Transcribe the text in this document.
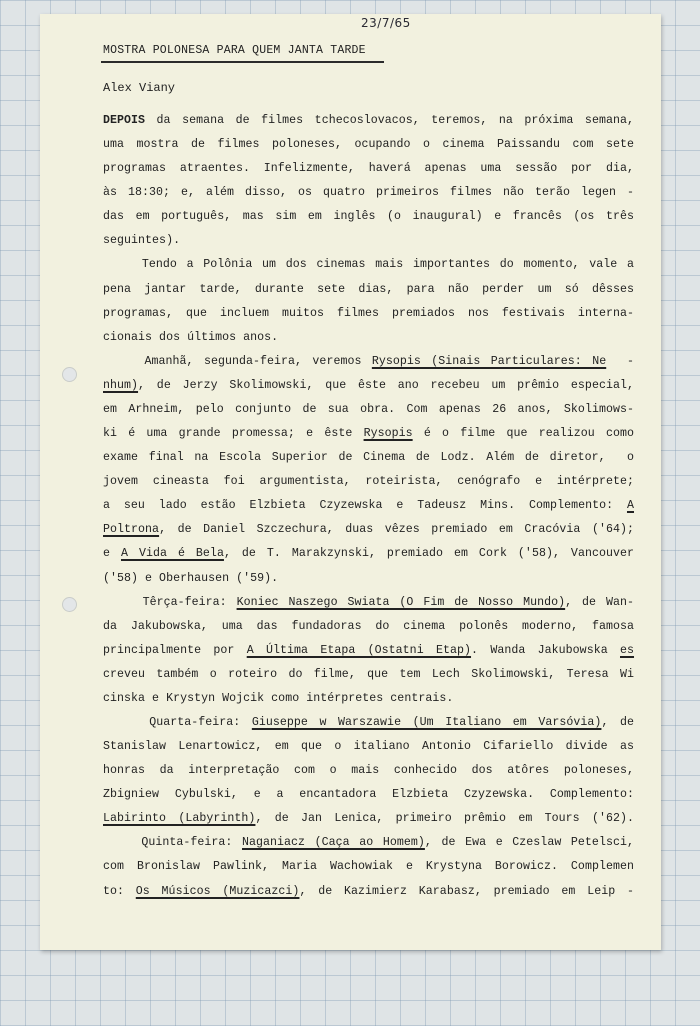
23/7/65
MOSTRA POLONESA PARA QUEM JANTA TARDE
Alex Viany
DEPOIS da semana de filmes tchecoslovacos, teremos, na próxima semana,
uma mostra de filmes poloneses, ocupando o cinema Paissandu com sete
programas atraentes. Infelizmente, haverá apenas uma sessão por dia,
às 18:30; e, além disso, os quatro primeiros filmes não terão legen -
das em português, mas sim em inglês (o inaugural) e francês (os três
seguintes).
Tendo a Polônia um dos cinemas mais importantes do momento, vale a
pena jantar tarde, durante sete dias, para não perder um só dêsses
programas, que incluem muitos filmes premiados nos festivais interna-
cionais dos últimos anos.
Amanhã, segunda-feira, veremos Rysopis (Sinais Particulares: Ne  -
nhum), de Jerzy Skolimowski, que êste ano recebeu um prêmio especial,
em Arhneim, pelo conjunto de sua obra. Com apenas 26 anos, Skolimows-
ki é uma grande promessa; e êste Rysopis é o filme que realizou como
exame final na Escola Superior de Cinema de Lodz. Além de diretor,  o
jovem cineasta foi argumentista, roteirista, cenógrafo e intérprete;
a seu lado estão Elzbieta Czyzewska e Tadeusz Mins. Complemento: A
Poltrona, de Daniel Szczechura, duas vêzes premiado em Cracóvia ('64);
e A Vida é Bela, de T. Marakzynski, premiado em Cork ('58), Vancouver
('58) e Oberhausen ('59).
Têrça-feira: Koniec Naszego Swiata (O Fim de Nosso Mundo), de Wan-
da Jakubowska, uma das fundadoras do cinema polonês moderno, famosa
principalmente por A Última Etapa (Ostatni Etap). Wanda Jakubowska es
creveu também o roteiro do filme, que tem Lech Skolimowski, Teresa Wi
cinska e Krystyn Wojcik como intérpretes centrais.
Quarta-feira: Giuseppe w Warszawie (Um Italiano em Varsóvia), de
Stanislaw Lenartowicz, em que o italiano Antonio Cifariello divide as
honras da interpretação com o mais conhecido dos atôres poloneses,
Zbigniew Cybulski, e a encantadora Elzbieta Czyzewska. Complemento:
Labirinto (Labyrinth), de Jan Lenica, primeiro prêmio em Tours ('62).
Quinta-feira: Naganiacz (Caça ao Homem), de Ewa e Czeslaw Petelsci,
com Bronislaw Pawlink, Maria Wachowiak e Krystyna Borowicz. Complemen
to: Os Músicos (Muzicazci), de Kazimierz Karabasz, premiado em Leip -
